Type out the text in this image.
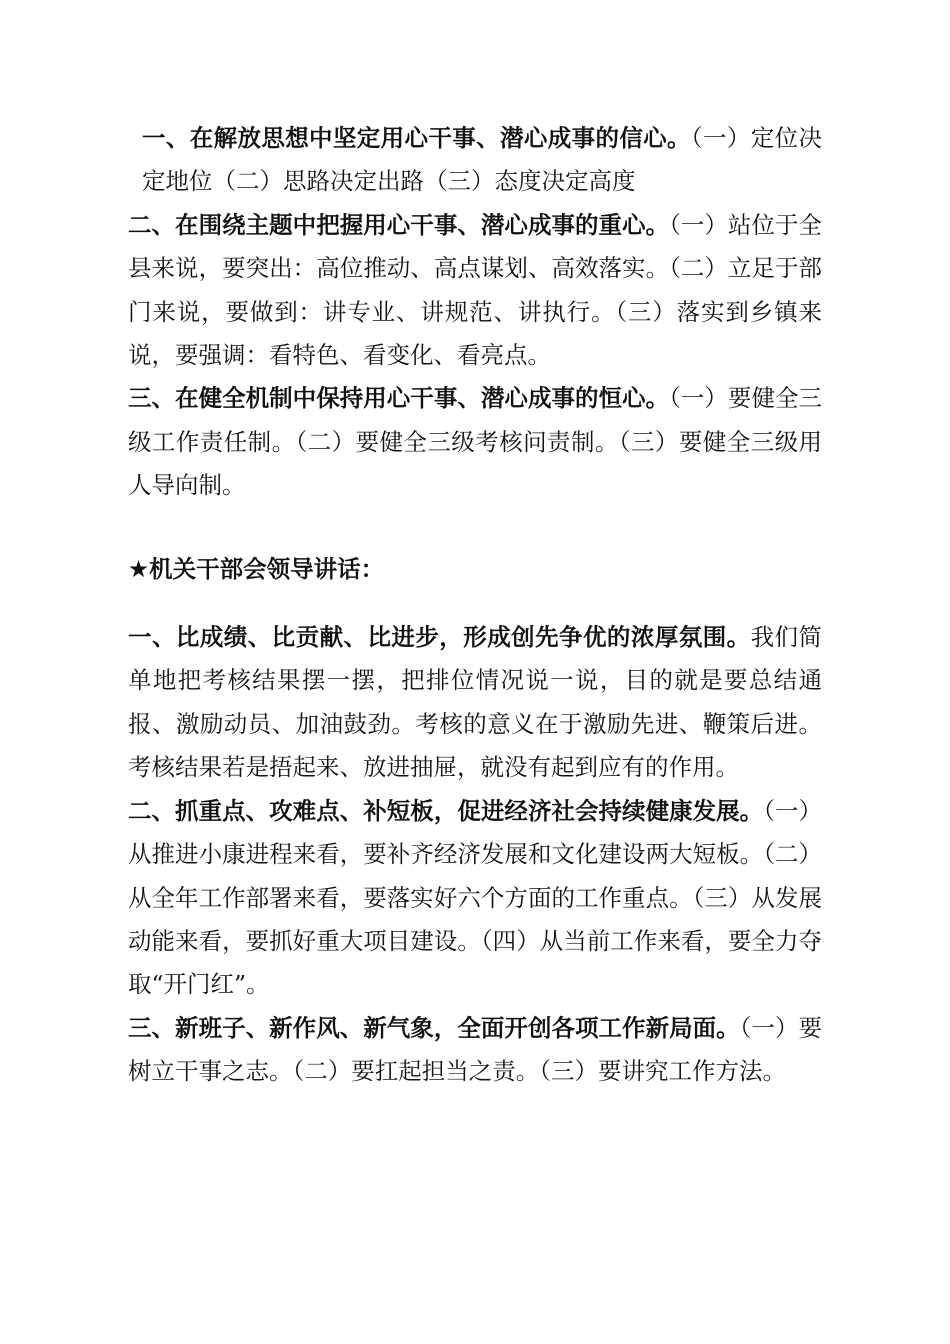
一、在解放思想中坚定用心干事、潜心成事的信心。（一）定位决定地位（二）思路决定出路（三）态度决定高度

二、在围绕主题中把握用心干事、潜心成事的重心。（一）站位于全县来说，要突出：高位推动、高点谋划、高效落实。（二）立足于部门来说，要做到：讲专业、讲规范、讲执行。（三）落实到乡镇来说，要强调：看特色、看变化、看亮点。

三、在健全机制中保持用心干事、潜心成事的恒心。（一）要健全三级工作责任制。（二）要健全三级考核问责制。（三）要健全三级用人导向制。

★机关干部会领导讲话：

一、比成绩、比贡献、比进步，形成创先争优的浓厚氛围。我们简单地把考核结果摆一摆，把排位情况说一说，目的就是要总结通报、激励动员、加油鼓劲。考核的意义在于激励先进、鞭策后进。考核结果若是捂起来、放进抽屉，就没有起到应有的作用。

二、抓重点、攻难点、补短板，促进经济社会持续健康发展。（一）从推进小康进程来看，要补齐经济发展和文化建设两大短板。（二）从全年工作部署来看，要落实好六个方面的工作重点。（三）从发展动能来看，要抓好重大项目建设。（四）从当前工作来看，要全力夺取“开门红”。

三、新班子、新作风、新气象，全面开创各项工作新局面。（一）要树立干事之志。（二）要扛起担当之责。（三）要讲究工作方法。
